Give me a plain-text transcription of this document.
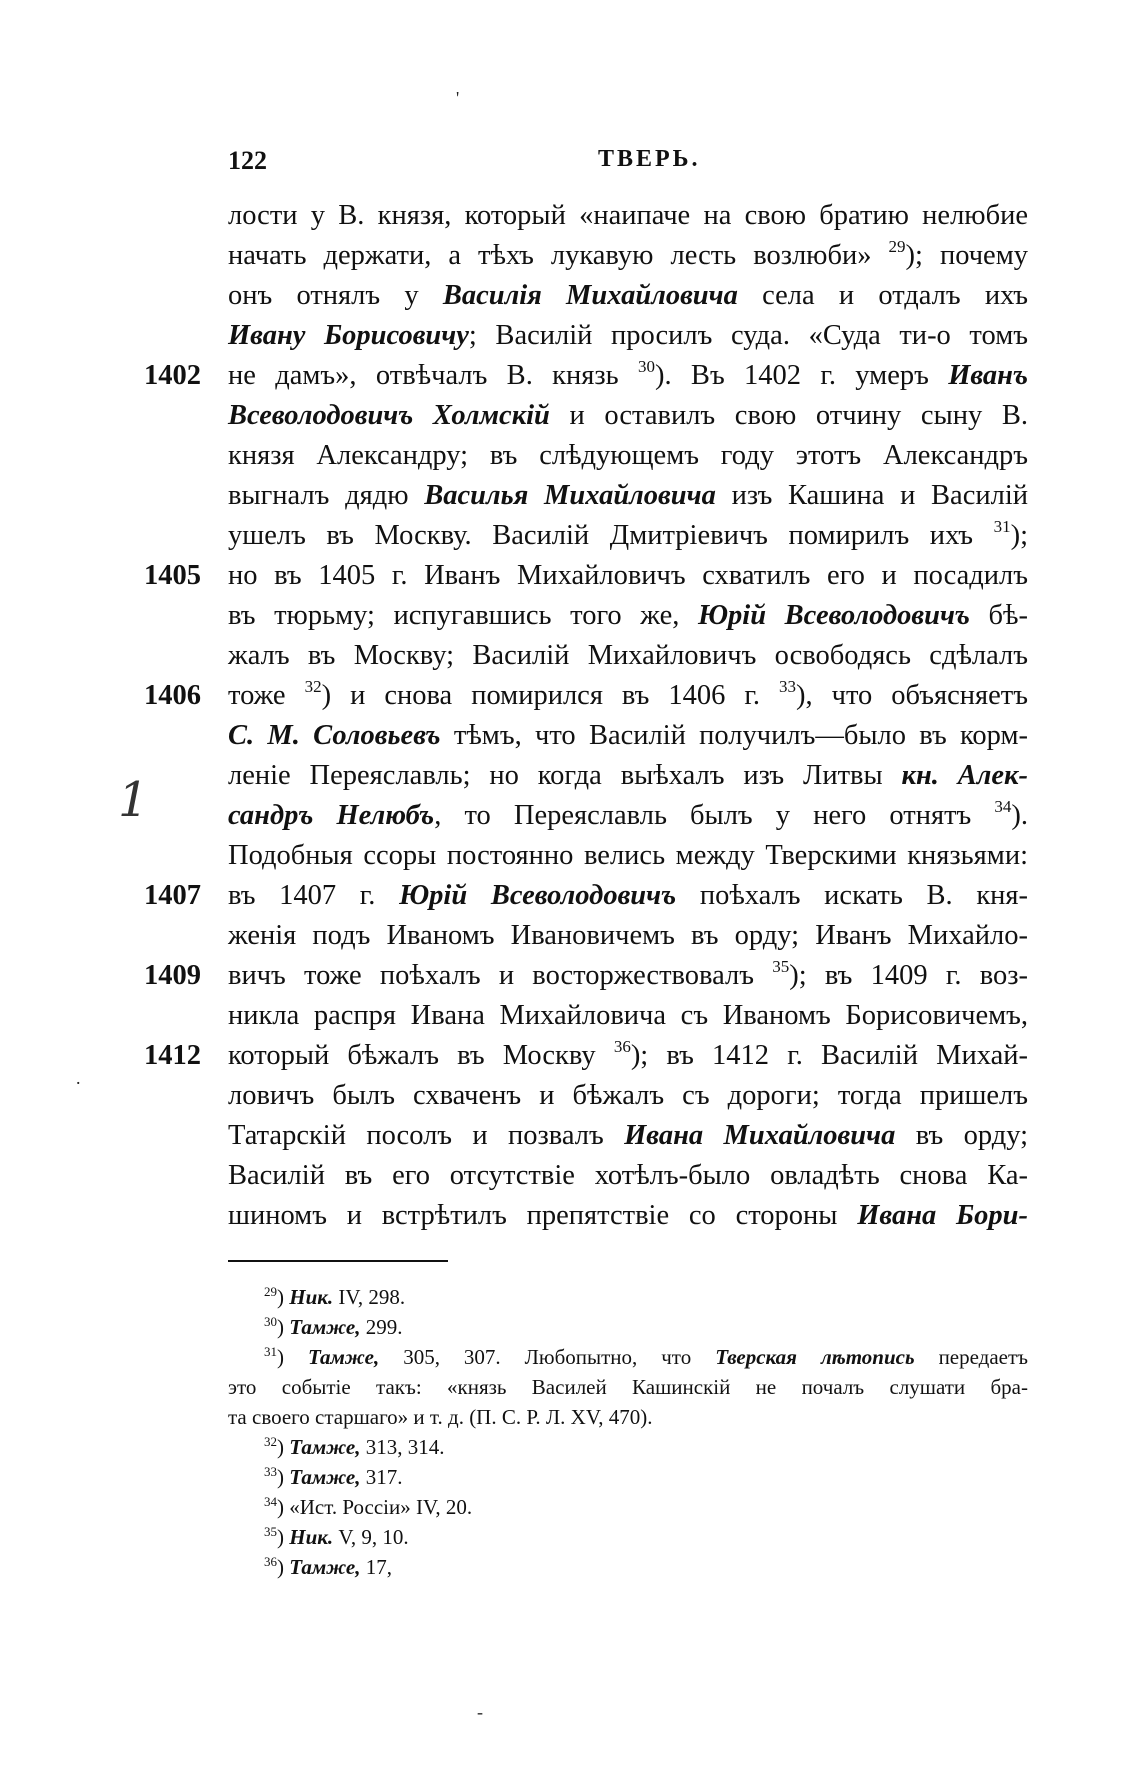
122	ТВЕРЬ.
1
'
.
-
лости у В. князя, который «наипаче на свою братию нелюбие
начать держати, а тѣхъ лукавую лесть возлюби» $^{29}$); почему
онъ отнялъ у Василія Михайловича села и отдалъ ихъ
Ивану Борисовичу; Василій просилъ суда. «Суда ти-о томъ
1402 не дамъ», отвѣчалъ В. князь $^{30}$). Въ 1402 г. умеръ Иванъ
Всеволодовичъ Холмскій и оставилъ свою отчину сыну В.
князя Александру; въ слѣдующемъ году этотъ Александръ
выгналъ дядю Василья Михайловича изъ Кашина и Василій
ушелъ въ Москву. Василій Дмитріевичъ помирилъ ихъ $^{31}$);
1405 но въ 1405 г. Иванъ Михайловичъ схватилъ его и посадилъ
въ тюрьму; испугавшись того же, Юрій Всеволодовичъ бѣ-
жалъ въ Москву; Василій Михайловичъ освободясь сдѣлалъ
1406 тоже $^{32}$) и снова помирился въ 1406 г. $^{33}$), что объясняетъ
С. М. Соловьевъ тѣмъ, что Василій получилъ—было въ корм-
леніе Переяславль; но когда выѣхалъ изъ Литвы кн. Алек-
сандръ Нелюбъ, то Переяславль былъ у него отнятъ $^{34}$).
Подобныя ссоры постоянно велись между Тверскими князьями:
1407 въ 1407 г. Юрій Всеволодовичъ поѣхалъ искать В. кня-
женія подъ Иваномъ Ивановичемъ въ орду; Иванъ Михайло-
1409 вичъ тоже поѣхалъ и восторжествовалъ $^{35}$); въ 1409 г. воз-
никла распря Ивана Михайловича съ Иваномъ Борисовичемъ,
1412 который бѣжалъ въ Москву $^{36}$); въ 1412 г. Василій Михай-
ловичъ былъ схваченъ и бѣжалъ съ дороги; тогда пришелъ
Татарскій посолъ и позвалъ Ивана Михайловича въ орду;
Василій въ его отсутствіе хотѣлъ-было овладѣть снова Ка-
шиномъ и встрѣтилъ препятствіе со стороны Ивана Бори-
$^{29}$) Ник. IV, 298.
$^{30}$) Тамже, 299.
$^{31}$) Тамже, 305, 307. Любопытно, что Тверская лѣтопись передаетъ
это событіе такъ: «князь Василей Кашинскій не почалъ слушати бра-
та своего старшаго» и т. д. (П. С. Р. Л. XV, 470).
$^{32}$) Тамже, 313, 314.
$^{33}$) Тамже, 317.
$^{34}$) «Ист. Россіи» IV, 20.
$^{35}$) Ник. V, 9, 10.
$^{36}$) Тамже, 17,
